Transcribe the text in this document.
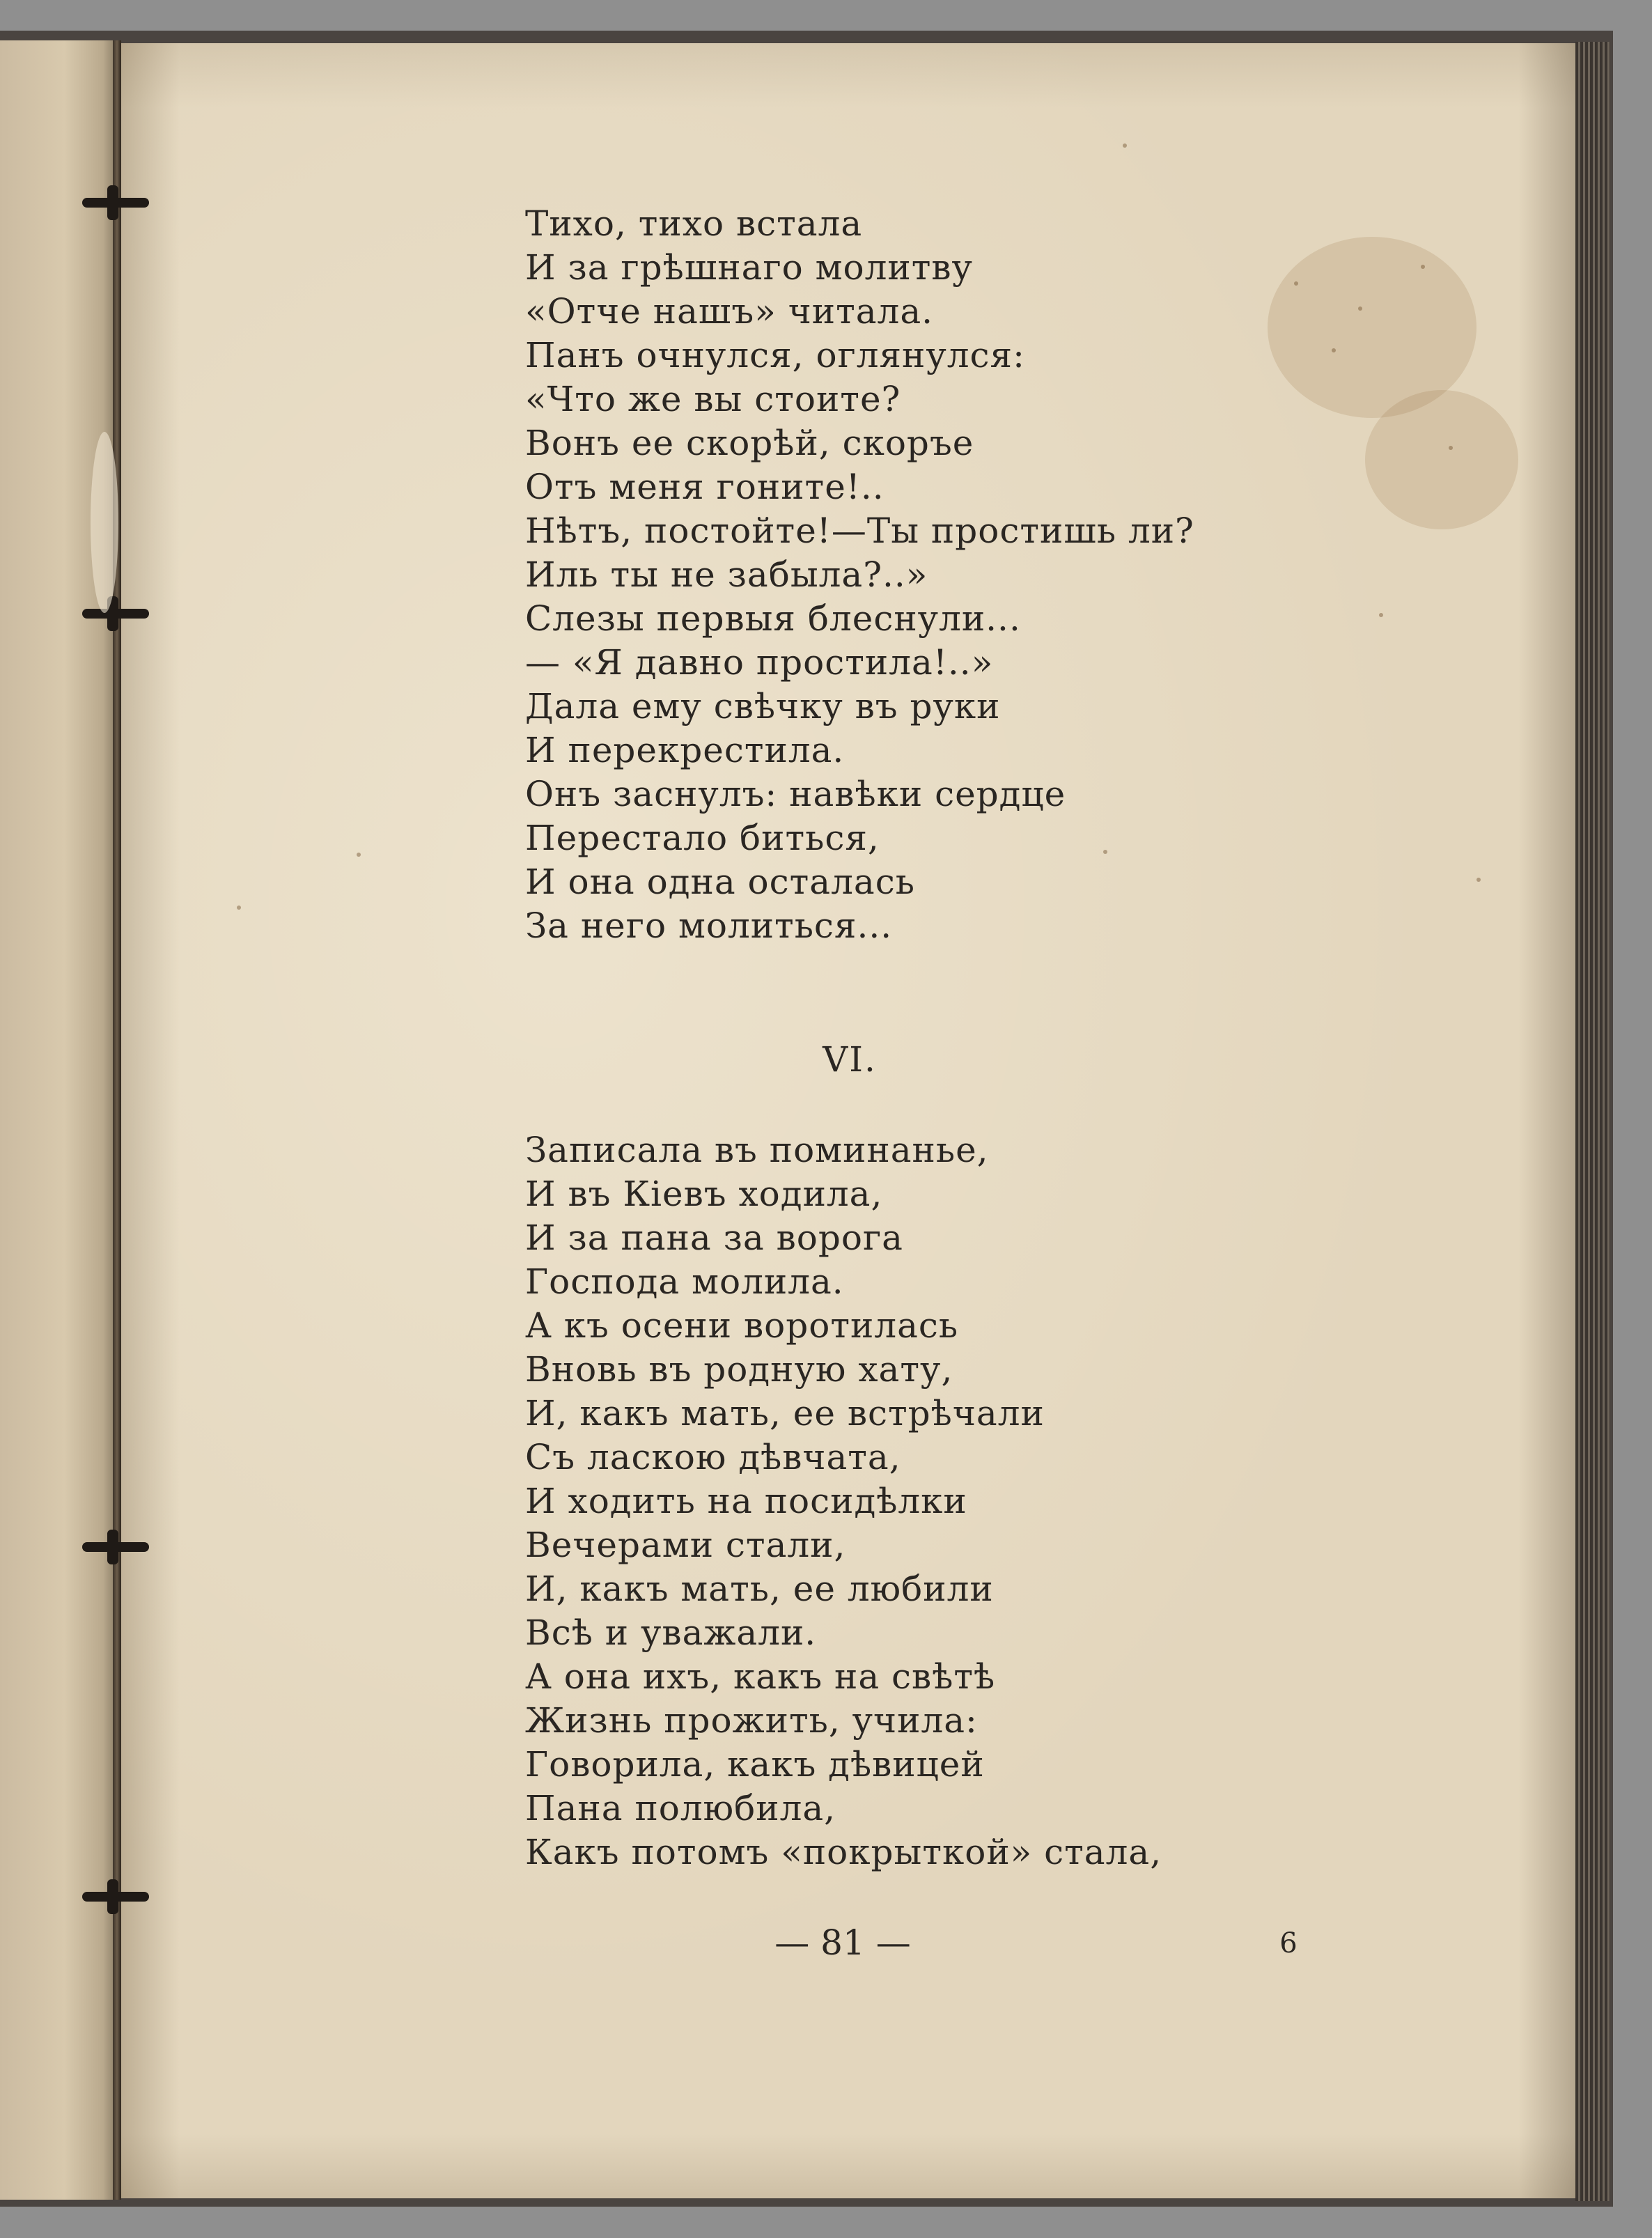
Тихо, тихо встала
И за грѣшнаго молитву
«Отче нашъ» читала.
Панъ очнулся, оглянулся:
«Что же вы стоите?
Вонъ ее скорѣй, скоръе
Отъ меня гоните!..
Нѣтъ, постойте!—Ты простишь ли?
Иль ты не забыла?..»
Слезы первыя блеснули...
— «Я давно простила!..»
Дала ему свѣчку въ руки
И перекрестила.
Онъ заснулъ: навѣки сердце
Перестало биться,
И она одна осталась
За него молиться...
VI.
Записала въ поминанье,
И въ Кіевъ ходила,
И за пана за ворога
Господа молила.
А къ осени воротилась
Вновь въ родную хату,
И, какъ мать, ее встрѣчали
Съ ласкою дѣвчата,
И ходить на посидѣлки
Вечерами стали,
И, какъ мать, ее любили
Всѣ и уважали.
А она ихъ, какъ на свѣтѣ
Жизнь прожить, учила:
Говорила, какъ дѣвицей
Пана полюбила,
Какъ потомъ «покрыткой» стала,
— 81 —	6
